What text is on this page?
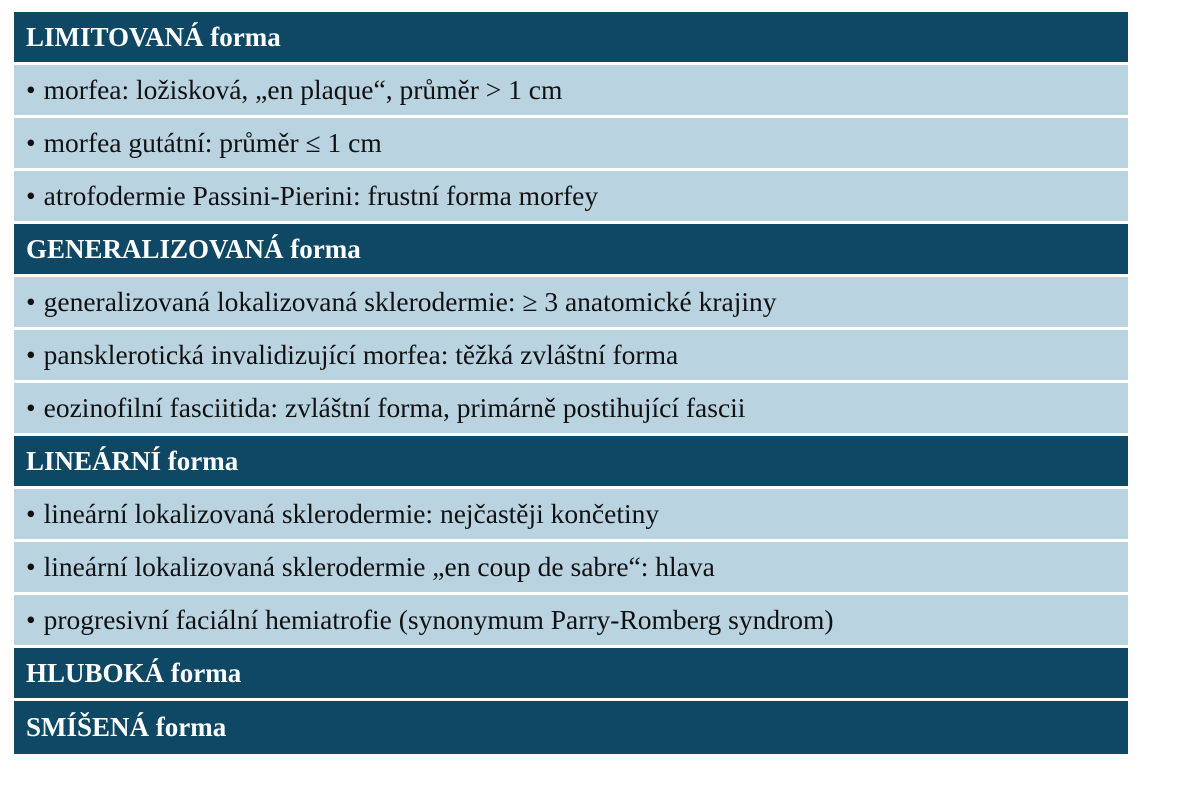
LIMITOVANÁ forma
• morfea: ložisková, „en plaque“, průměr > 1 cm
• morfea gutátní: průměr ≤ 1 cm
• atrofodermie Passini-Pierini: frustní forma morfey
GENERALIZOVANÁ forma
• generalizovaná lokalizovaná sklerodermie: ≥ 3 anatomické krajiny
• pansklerotická invalidizující morfea: těžká zvláštní forma
• eozinofilní fasciitida: zvláštní forma, primárně postihující fascii
LINEÁRNÍ forma
• lineární lokalizovaná sklerodermie: nejčastěji končetiny
• lineární lokalizovaná sklerodermie „en coup de sabre“: hlava
• progresivní faciální hemiatrofie (synonymum Parry-Romberg syndrom)
HLUBOKÁ forma
SMÍŠENÁ forma
